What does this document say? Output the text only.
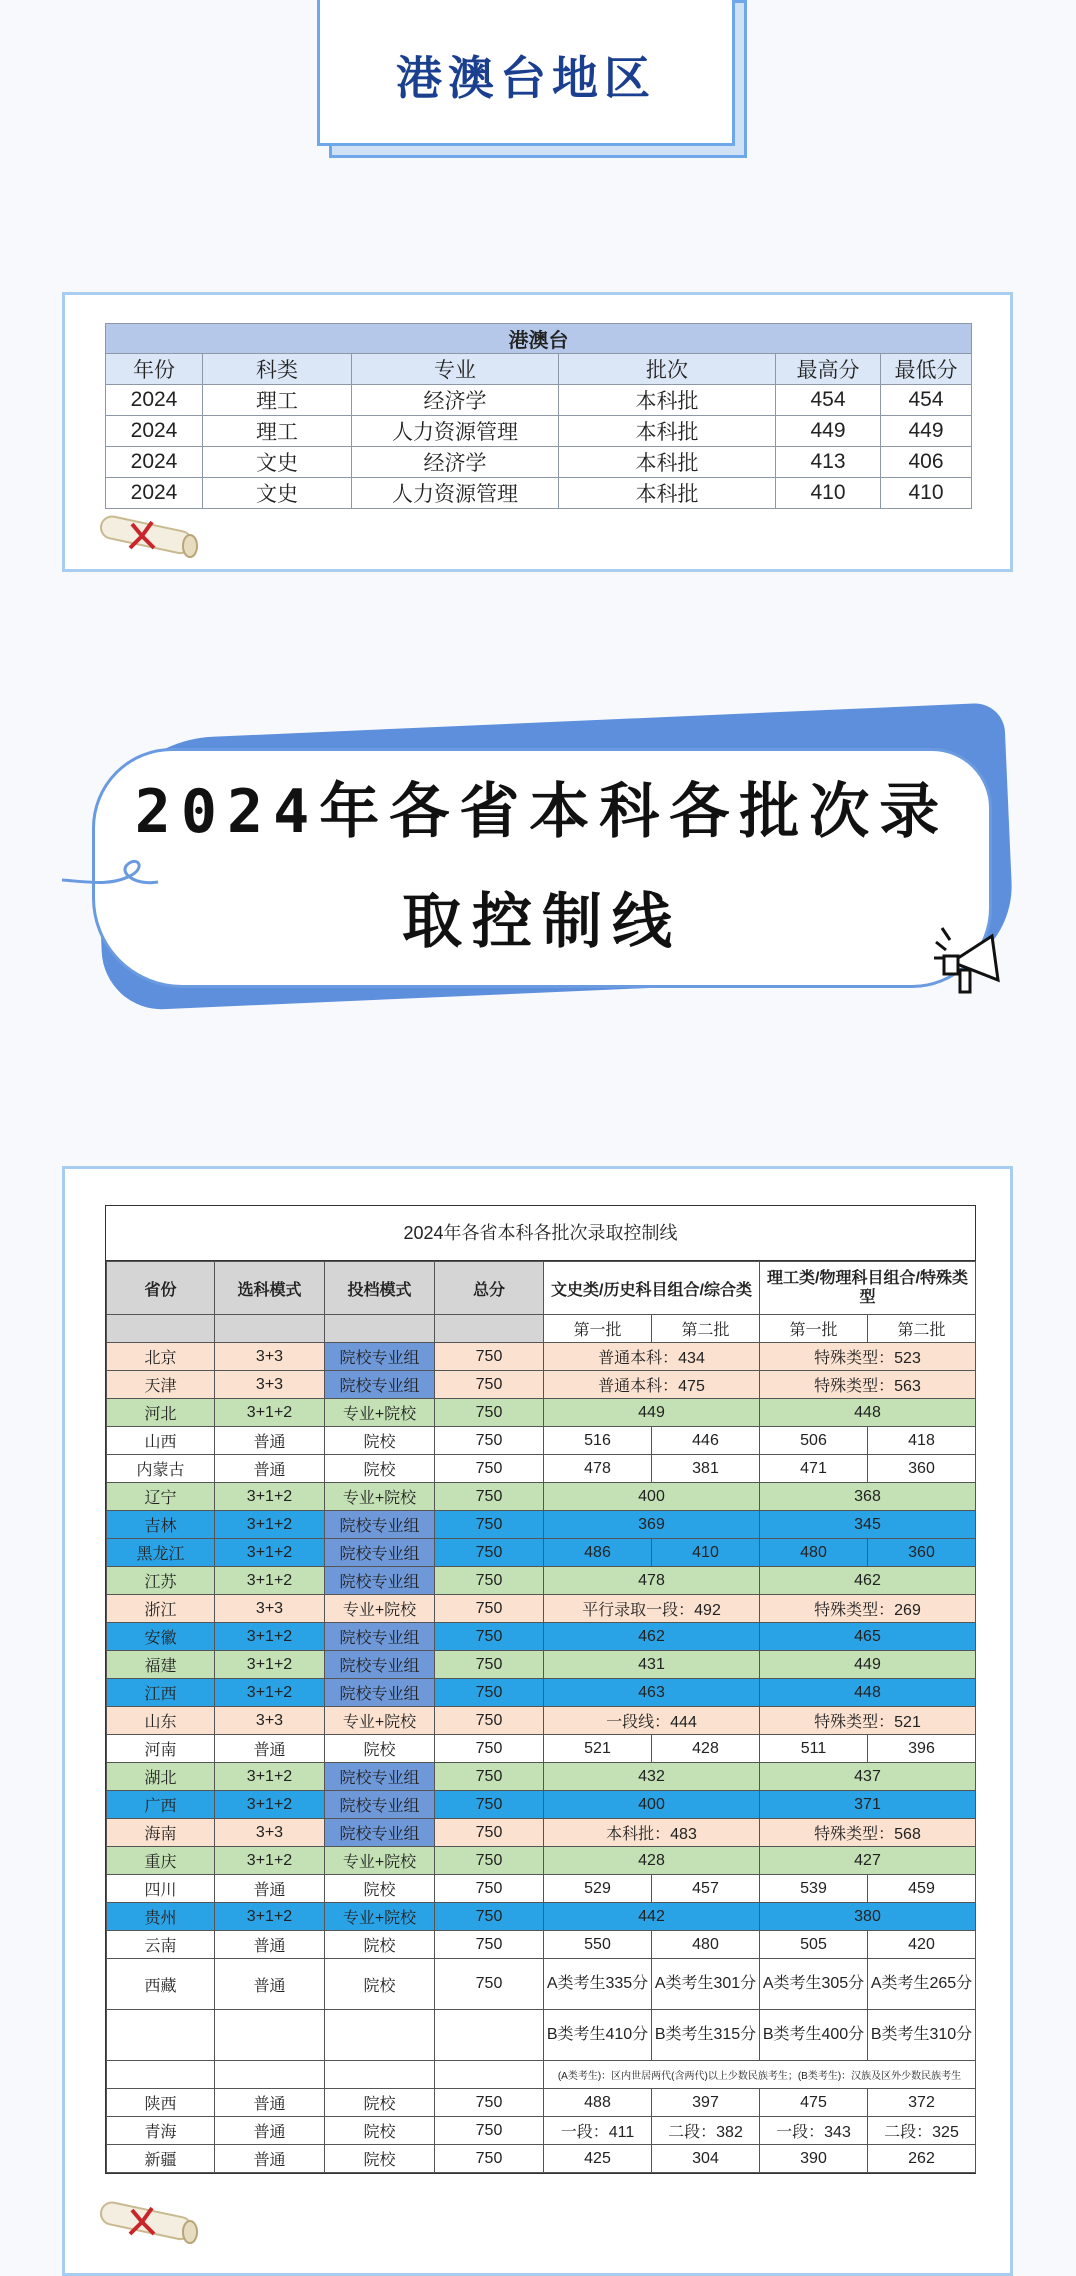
港澳台地区
港澳台					
年份	科类	专业	批次	最高分	最低分
2024	理工	经济学	本科批	454	454
2024	理工	人力资源管理	本科批	449	449
2024	文史	经济学	本科批	413	406
2024	文史	人力资源管理	本科批	410	410
2024年各省本科各批次录
取控制线
2024年各省本科各批次录取控制线
省份	选科模式	投档模式	总分	文史类/历史科目组合/综合类		理工类/物理科目组合/特殊类型	
				第一批	第二批	第一批	第二批
北京	3+3	院校专业组	750	普通本科：434		特殊类型：523	
天津	3+3	院校专业组	750	普通本科：475		特殊类型：563	
河北	3+1+2	专业+院校	750	449		448	
山西	普通	院校	750	516	446	506	418
内蒙古	普通	院校	750	478	381	471	360
辽宁	3+1+2	专业+院校	750	400		368	
吉林	3+1+2	院校专业组	750	369		345	
黑龙江	3+1+2	院校专业组	750	486	410	480	360
江苏	3+1+2	院校专业组	750	478		462	
浙江	3+3	专业+院校	750	平行录取一段：492		特殊类型：269	
安徽	3+1+2	院校专业组	750	462		465	
福建	3+1+2	院校专业组	750	431		449	
江西	3+1+2	院校专业组	750	463		448	
山东	3+3	专业+院校	750	一段线：444		特殊类型：521	
河南	普通	院校	750	521	428	511	396
湖北	3+1+2	院校专业组	750	432		437	
广西	3+1+2	院校专业组	750	400		371	
海南	3+3	院校专业组	750	本科批：483		特殊类型：568	
重庆	3+1+2	专业+院校	750	428		427	
四川	普通	院校	750	529	457	539	459
贵州	3+1+2	专业+院校	750	442		380	
云南	普通	院校	750	550	480	505	420
西藏	普通	院校	750	A类考生335分	A类考生301分	A类考生305分	A类考生265分
				B类考生410分	B类考生315分	B类考生400分	B类考生310分
				(A类考生)：区内世居两代(含两代)以上少数民族考生；(B类考生)：汉族及区外少数民族考生			
陕西	普通	院校	750	488	397	475	372
青海	普通	院校	750	一段：411	二段：382	一段：343	二段：325
新疆	普通	院校	750	425	304	390	262
